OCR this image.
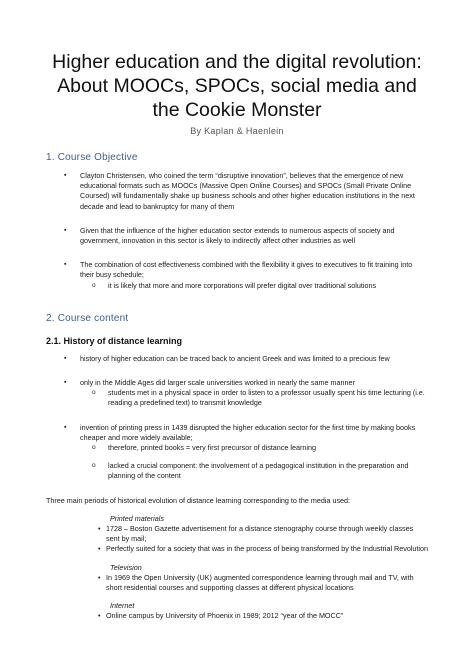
Higher education and the digital revolution: About MOOCs, SPOCs, social media and the Cookie Monster
By Kaplan & Haenlein
1. Course Objective
▪ Clayton Christensen, who coined the term “disruptive innovation”, believes that the emergence of new educational formats such as MOOCs (Massive Open Online Courses) and SPOCs (Small Private Online Coursed) will fundamentally shake up business schools and other higher education institutions in the next decade and lead to bankruptcy for many of them
▪ Given that the influence of the higher education sector extends to numerous aspects of society and government, innovation in this sector is likely to indirectly affect other industries as well
▪ The combination of cost effectiveness combined with the flexibility it gives to executives to fit training into their busy schedule;
o it is likely that more and more corporations will prefer digital over traditional solutions
2. Course content
2.1. History of distance learning
▪ history of higher education can be traced back to ancient Greek and was limited to a precious few
▪ only in the Middle Ages did larger scale universities worked in nearly the same manner
o students met in a physical space in order to listen to a professor usually spent his time lecturing (i.e. reading a predefined text) to transmit knowledge
▪ invention of printing press in 1439 disrupted the higher education sector for the first time by making books cheaper and more widely available;
o therefore, printed books = very first precursor of distance learning
o lacked a crucial component: the involvement of a pedagogical institution in the preparation and planning of the content
Three main periods of historical evolution of distance learning corresponding to the media used:
Printed materials
• 1728 – Boston Gazette advertisement for a distance stenography course through weekly classes sent by mail;
• Perfectly suited for a society that was in the process of being transformed by the Industrial Revolution
Television
• In 1969 the Open University (UK) augmented correspondence learning through mail and TV, with short residential courses and supporting classes at different physical locations
Internet
• Online campus by University of Phoenix in 1989; 2012 “year of the MOCC”
